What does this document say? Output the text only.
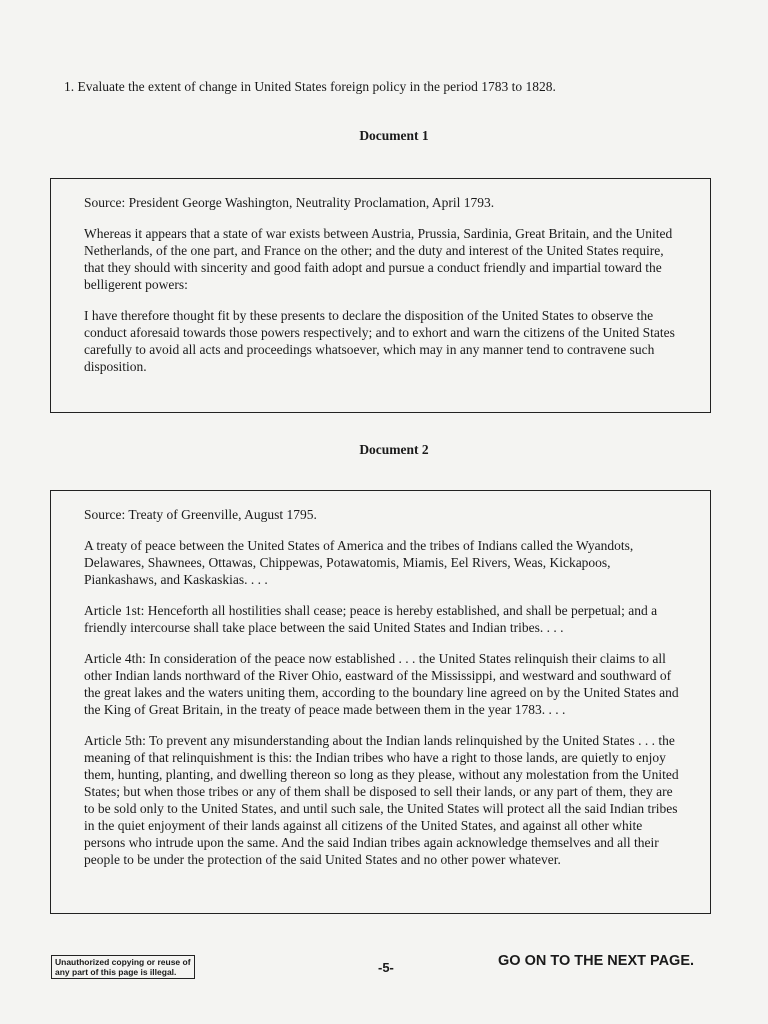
1. Evaluate the extent of change in United States foreign policy in the period 1783 to 1828.

Document 1

Source: President George Washington, Neutrality Proclamation, April 1793.

Whereas it appears that a state of war exists between Austria, Prussia, Sardinia, Great Britain, and the United Netherlands, of the one part, and France on the other; and the duty and interest of the United States require, that they should with sincerity and good faith adopt and pursue a conduct friendly and impartial toward the belligerent powers:

I have therefore thought fit by these presents to declare the disposition of the United States to observe the conduct aforesaid towards those powers respectively; and to exhort and warn the citizens of the United States carefully to avoid all acts and proceedings whatsoever, which may in any manner tend to contravene such disposition.

Document 2

Source: Treaty of Greenville, August 1795.

A treaty of peace between the United States of America and the tribes of Indians called the Wyandots, Delawares, Shawnees, Ottawas, Chippewas, Potawatomis, Miamis, Eel Rivers, Weas, Kickapoos, Piankashaws, and Kaskaskias. . . .

Article 1st: Henceforth all hostilities shall cease; peace is hereby established, and shall be perpetual; and a friendly intercourse shall take place between the said United States and Indian tribes. . . .

Article 4th: In consideration of the peace now established . . . the United States relinquish their claims to all other Indian lands northward of the River Ohio, eastward of the Mississippi, and westward and southward of the great lakes and the waters uniting them, according to the boundary line agreed on by the United States and the King of Great Britain, in the treaty of peace made between them in the year 1783. . . .

Article 5th: To prevent any misunderstanding about the Indian lands relinquished by the United States . . . the meaning of that relinquishment is this: the Indian tribes who have a right to those lands, are quietly to enjoy them, hunting, planting, and dwelling thereon so long as they please, without any molestation from the United States; but when those tribes or any of them shall be disposed to sell their lands, or any part of them, they are to be sold only to the United States, and until such sale, the United States will protect all the said Indian tribes in the quiet enjoyment of their lands against all citizens of the United States, and against all other white persons who intrude upon the same. And the said Indian tribes again acknowledge themselves and all their people to be under the protection of the said United States and no other power whatever.

Unauthorized copying or reuse of
any part of this page is illegal.	-5-	GO ON TO THE NEXT PAGE.
